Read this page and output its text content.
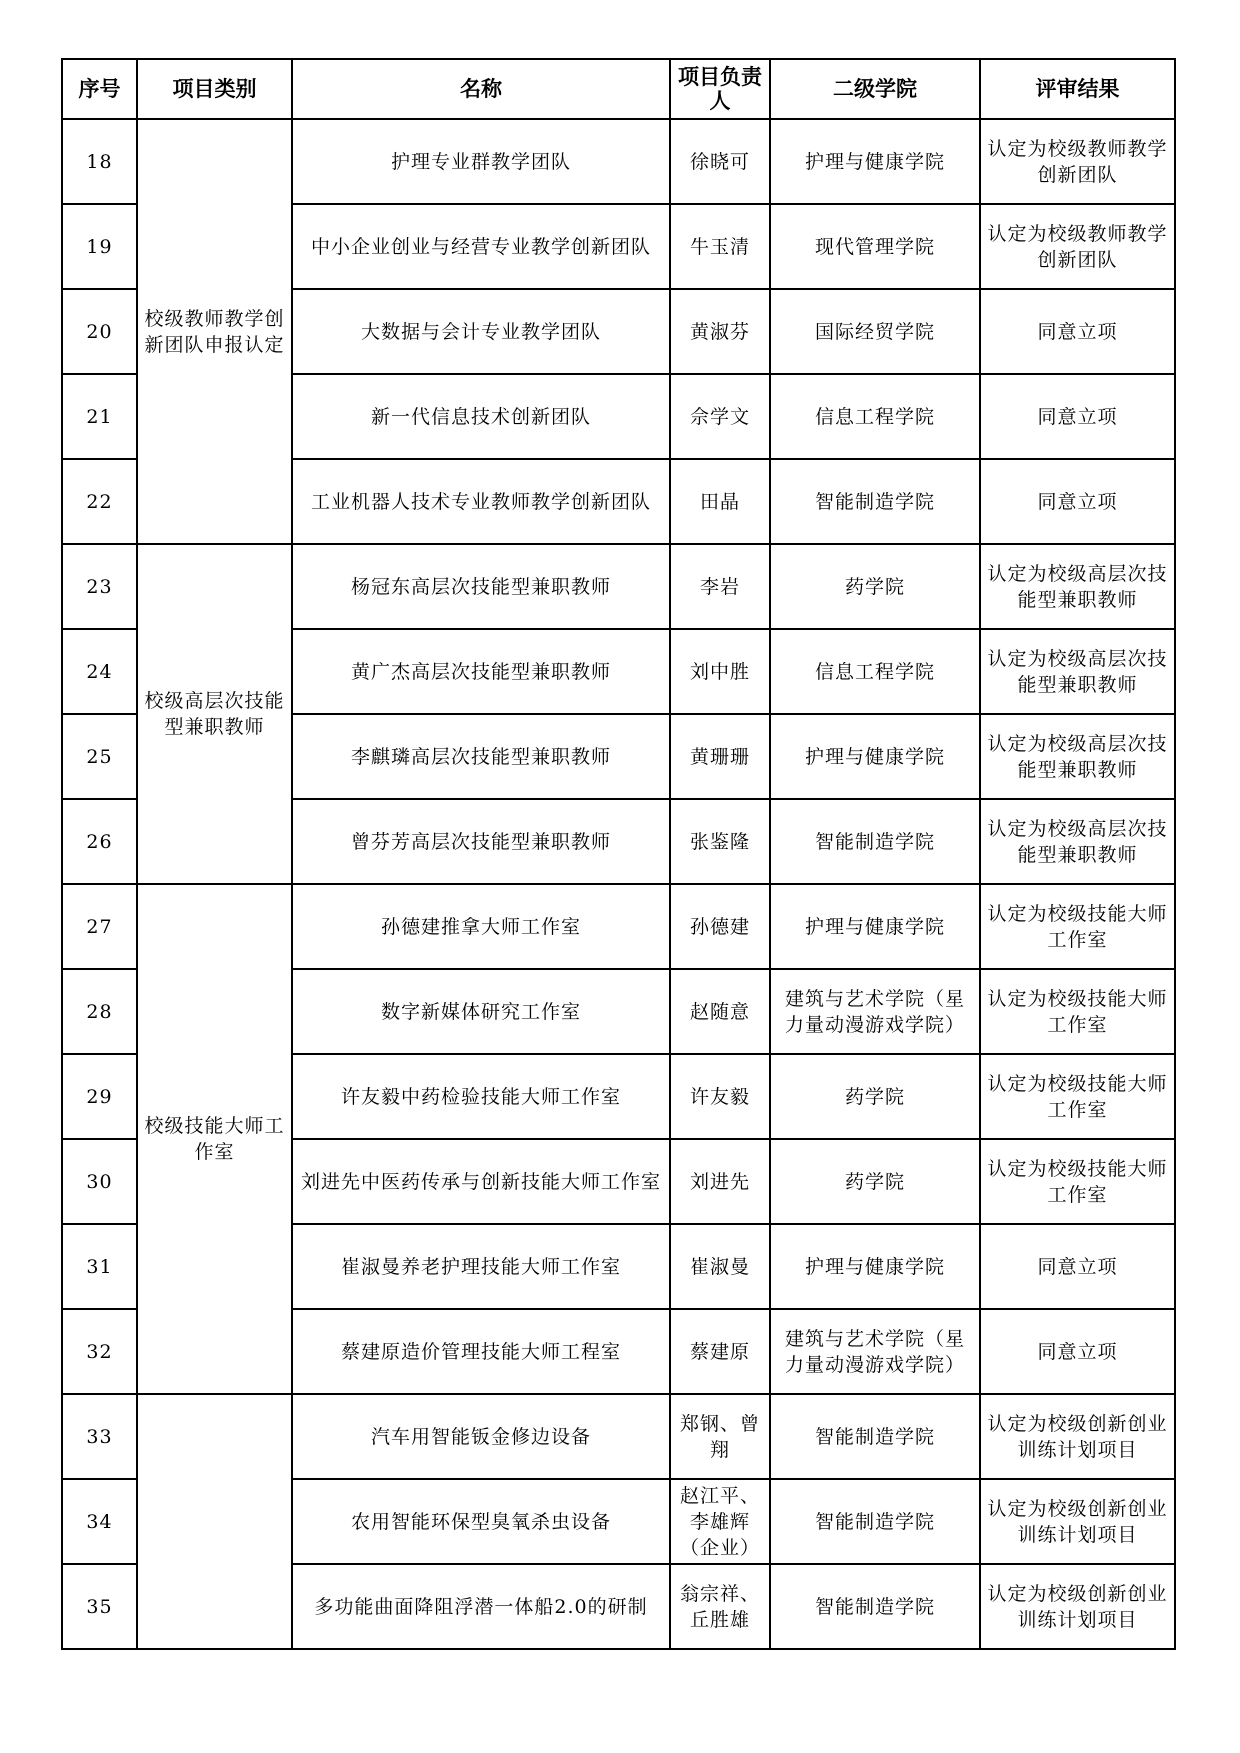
序号	项目类别	名称	项目负责人	二级学院	评审结果
18	校级教师教学创新团队申报认定	护理专业群教学团队	徐晓可	护理与健康学院	认定为校级教师教学创新团队
19		中小企业创业与经营专业教学创新团队	牛玉清	现代管理学院	认定为校级教师教学创新团队
20		大数据与会计专业教学团队	黄淑芬	国际经贸学院	同意立项
21		新一代信息技术创新团队	佘学文	信息工程学院	同意立项
22		工业机器人技术专业教师教学创新团队	田晶	智能制造学院	同意立项
23	校级高层次技能型兼职教师	杨冠东高层次技能型兼职教师	李岩	药学院	认定为校级高层次技能型兼职教师
24		黄广杰高层次技能型兼职教师	刘中胜	信息工程学院	认定为校级高层次技能型兼职教师
25		李麒璘高层次技能型兼职教师	黄珊珊	护理与健康学院	认定为校级高层次技能型兼职教师
26		曾芬芳高层次技能型兼职教师	张鉴隆	智能制造学院	认定为校级高层次技能型兼职教师
27	校级技能大师工作室	孙德建推拿大师工作室	孙德建	护理与健康学院	认定为校级技能大师工作室
28		数字新媒体研究工作室	赵随意	建筑与艺术学院（星力量动漫游戏学院）	认定为校级技能大师工作室
29		许友毅中药检验技能大师工作室	许友毅	药学院	认定为校级技能大师工作室
30		刘进先中医药传承与创新技能大师工作室	刘进先	药学院	认定为校级技能大师工作室
31		崔淑曼养老护理技能大师工作室	崔淑曼	护理与健康学院	同意立项
32		蔡建原造价管理技能大师工程室	蔡建原	建筑与艺术学院（星力量动漫游戏学院）	同意立项
33		汽车用智能钣金修边设备	郑钢、曾翔	智能制造学院	认定为校级创新创业训练计划项目
34		农用智能环保型臭氧杀虫设备	赵江平、李雄辉（企业）	智能制造学院	认定为校级创新创业训练计划项目
35		多功能曲面降阻浮潜一体船2.0的研制	翁宗祥、丘胜雄	智能制造学院	认定为校级创新创业训练计划项目
